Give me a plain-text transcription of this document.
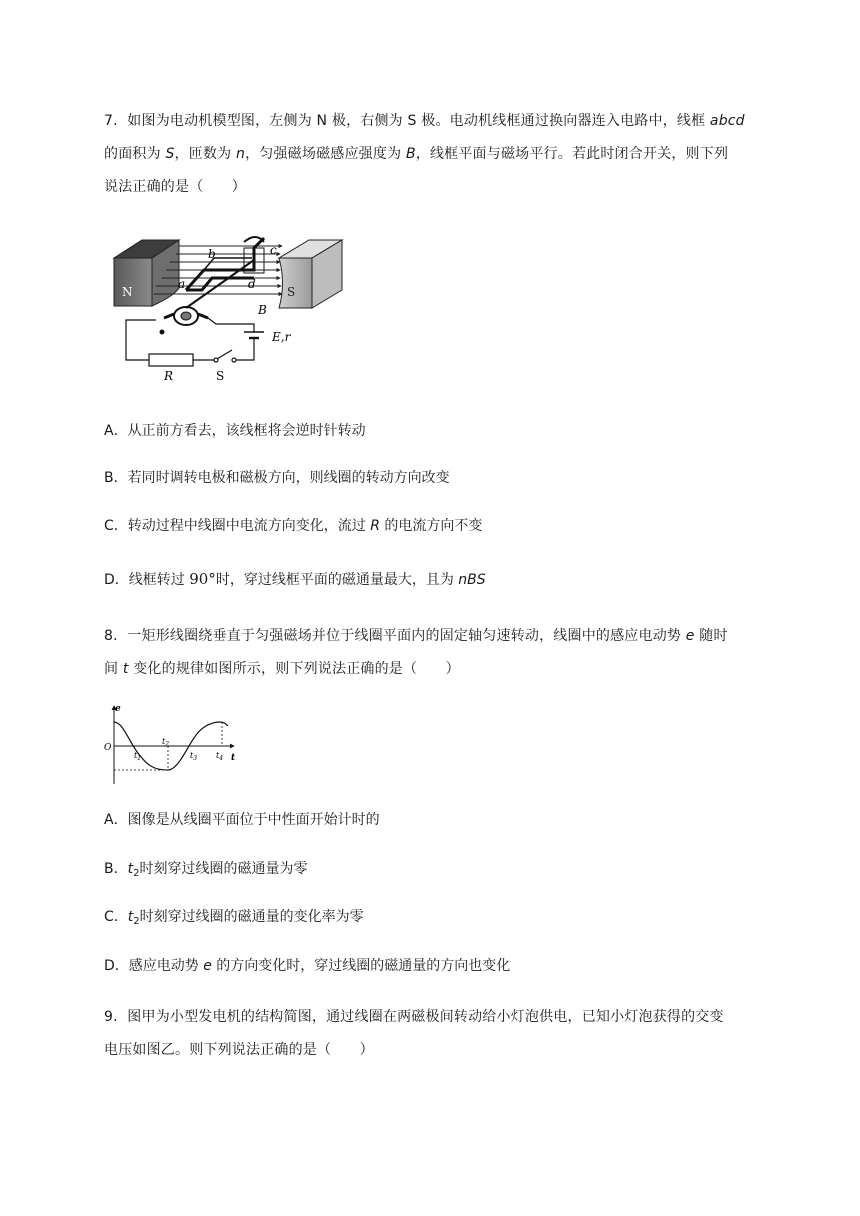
7．如图为电动机模型图，左侧为 N 极，右侧为 S 极。电动机线框通过换向器连入电路中，线框 abcd
的面积为 S，匝数为 n，匀强磁场磁感应强度为 B，线框平面与磁场平行。若此时闭合开关，则下列
说法正确的是（　　）
N	S
b	c
a	d
B
E,r
R	S
A．从正前方看去，该线框将会逆时针转动
B．若同时调转电极和磁极方向，则线圈的转动方向改变
C．转动过程中线圈中电流方向变化，流过 R 的电流方向不变
D．线框转过 90°时，穿过线框平面的磁通量最大，且为 nBS
8．一矩形线圈绕垂直于匀强磁场并位于线圈平面内的固定轴匀速转动，线圈中的感应电动势 e 随时
间 t 变化的规律如图所示，则下列说法正确的是（　　）
e
O
t
$t_1$
$t_2$
$t_3$ $t_4$
A．图像是从线圈平面位于中性面开始计时的
B．$t_2$时刻穿过线圈的磁通量为零
C．$t_2$时刻穿过线圈的磁通量的变化率为零
D．感应电动势 e 的方向变化时，穿过线圈的磁通量的方向也变化
9．图甲为小型发电机的结构简图，通过线圈在两磁极间转动给小灯泡供电，已知小灯泡获得的交变
电压如图乙。则下列说法正确的是（　　）
